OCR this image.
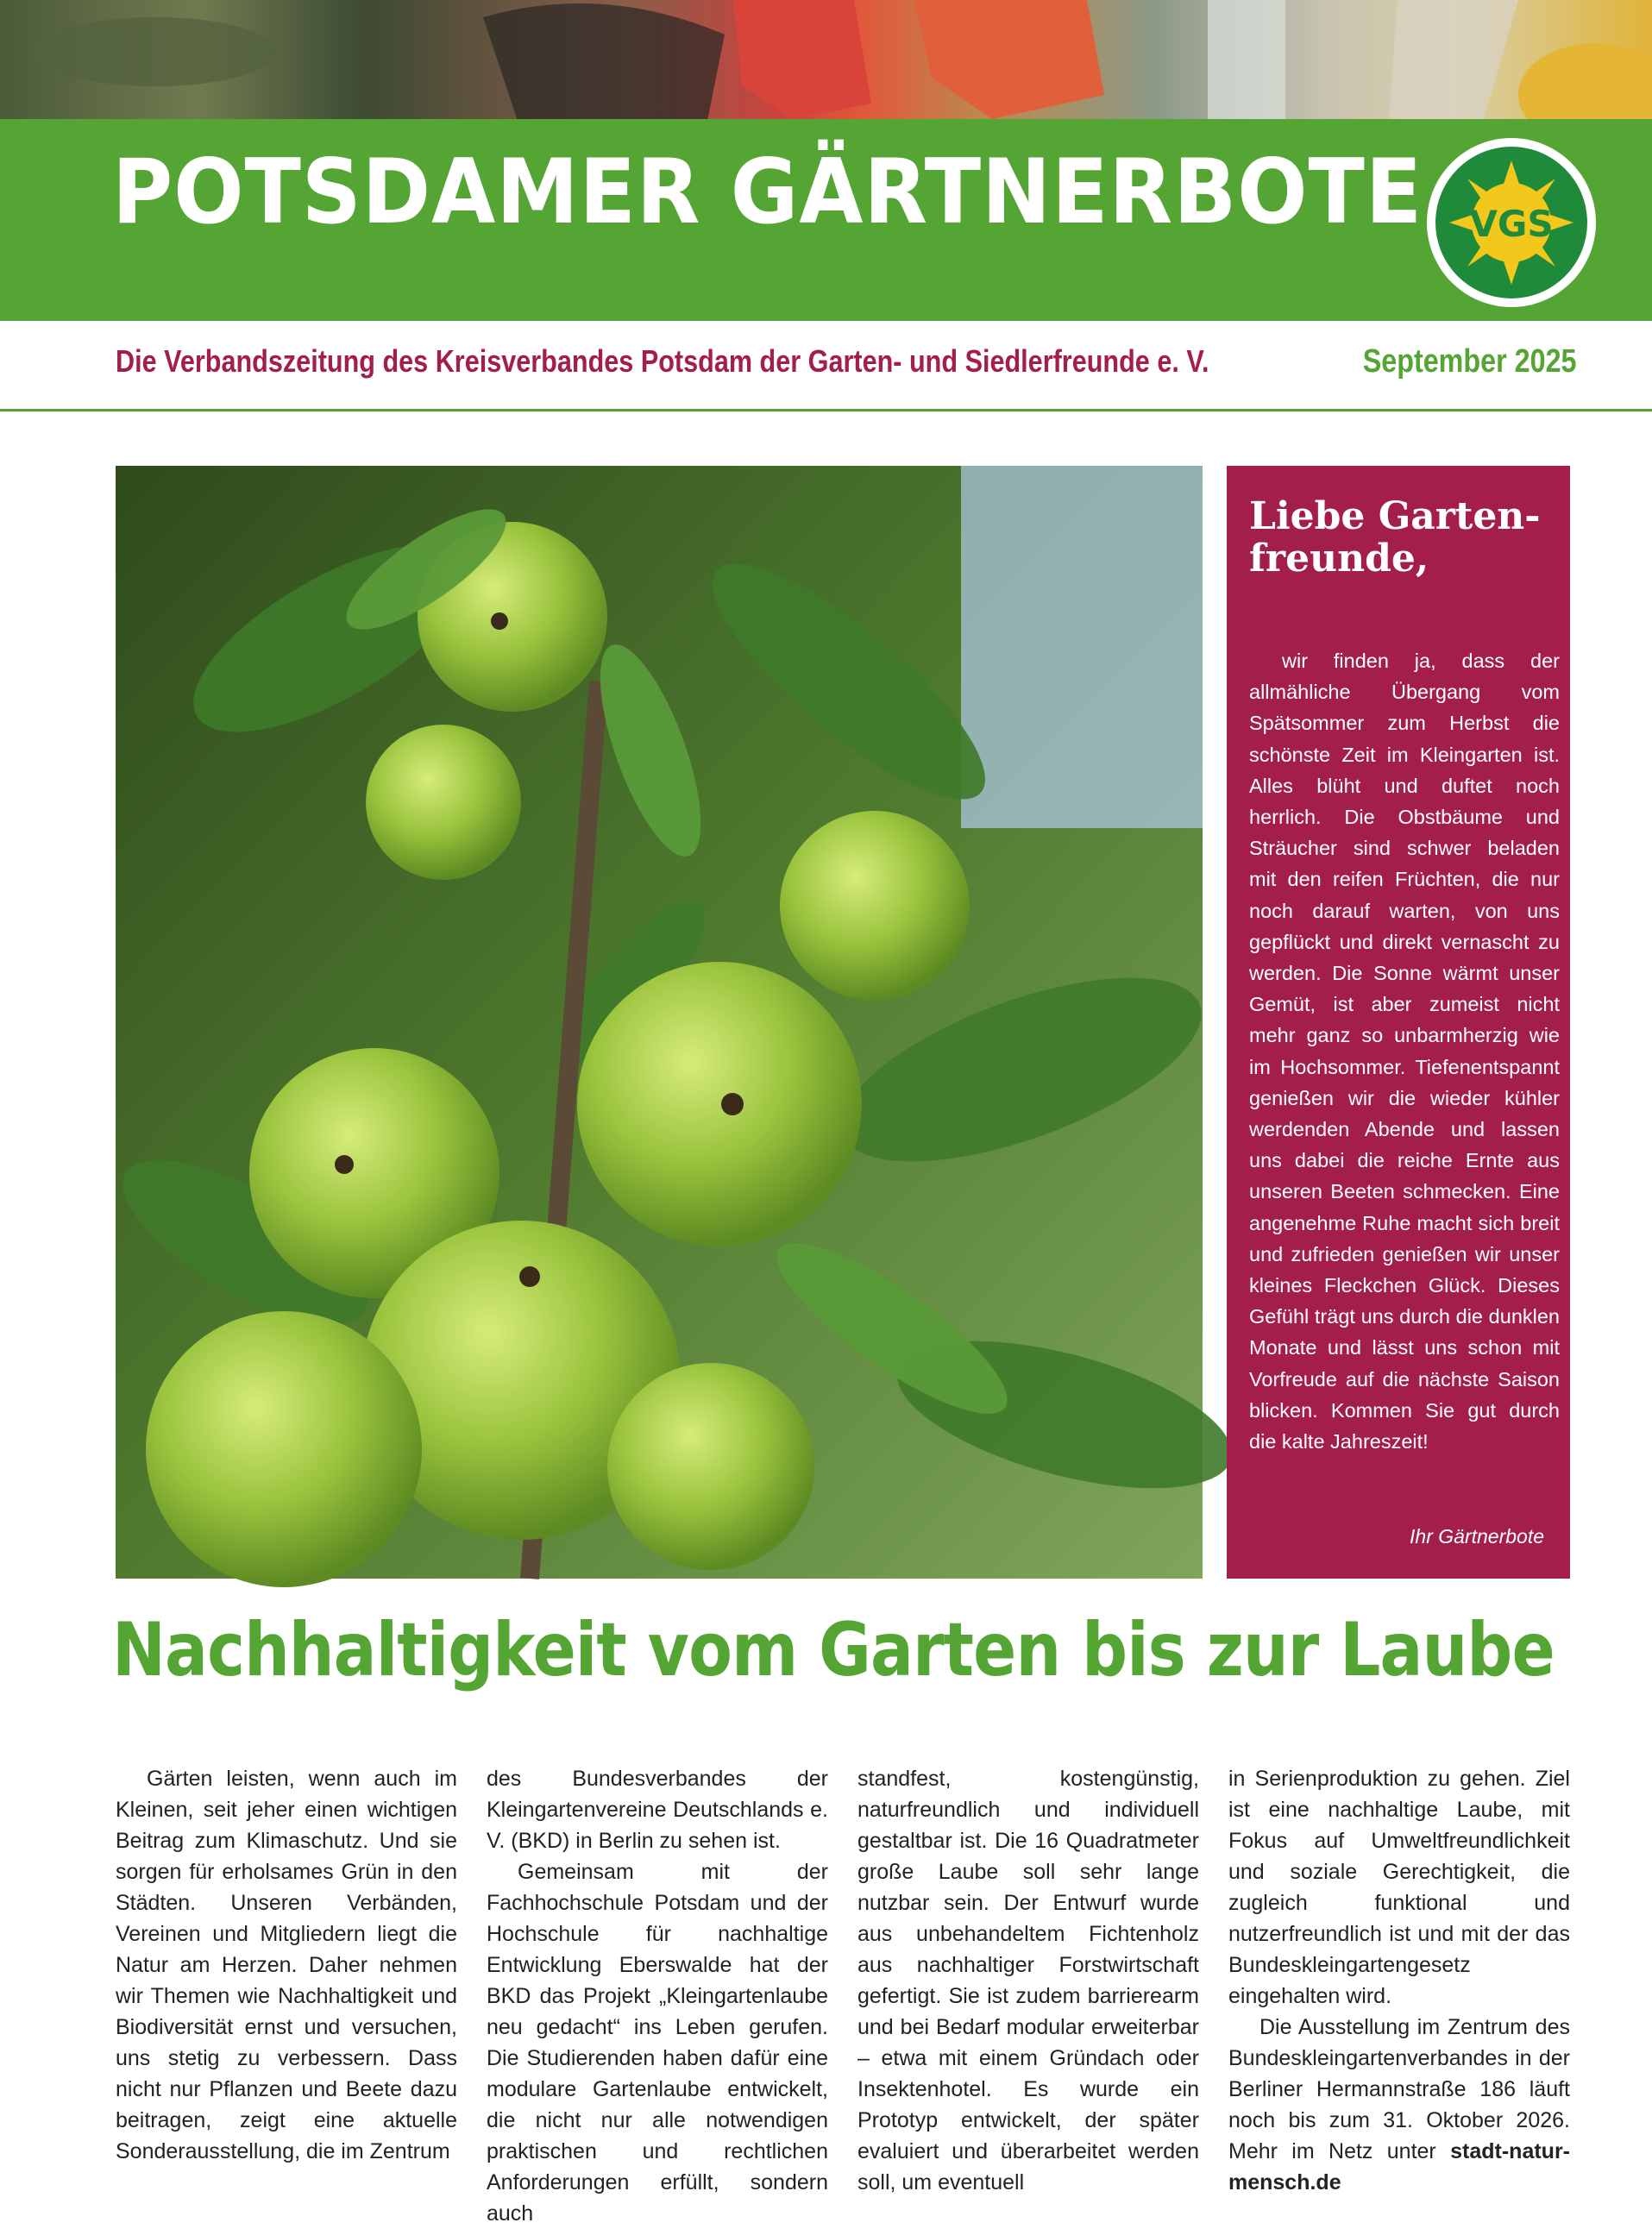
POTSDAMER GÄRTNERBOTE VGS
Die Verbandszeitung des Kreisverbandes Potsdam der Garten- und Siedlerfreunde e. V.	September 2025
Liebe Garten-
freunde,
wir finden ja, dass der allmähliche Übergang vom Spätsommer zum Herbst die schönste Zeit im Kleingarten ist. Alles blüht und duftet noch herrlich. Die Obstbäume und Sträucher sind schwer beladen mit den reifen Früchten, die nur noch darauf warten, von uns gepflückt und direkt vernascht zu werden. Die Sonne wärmt unser Gemüt, ist aber zumeist nicht mehr ganz so unbarmherzig wie im Hochsommer. Tiefenentspannt genießen wir die wieder kühler werdenden Abende und lassen uns dabei die reiche Ernte aus unseren Beeten schmecken. Eine angenehme Ruhe macht sich breit und zufrieden genießen wir unser kleines Fleckchen Glück. Dieses Gefühl trägt uns durch die dunklen Monate und lässt uns schon mit Vorfreude auf die nächste Saison blicken. Kommen Sie gut durch die kalte Jahreszeit!
Ihr Gärtnerbote
Nachhaltigkeit vom Garten bis zur Laube

Gärten leisten, wenn auch im Kleinen, seit jeher einen wichtigen Beitrag zum Klimaschutz. Und sie sorgen für erholsames Grün in den Städten. Unseren Verbänden, Vereinen und Mitgliedern liegt die Natur am Herzen. Daher nehmen wir Themen wie Nachhaltigkeit und Biodiversität ernst und versuchen, uns stetig zu verbessern. Dass nicht nur Pflanzen und Beete dazu beitragen, zeigt eine aktuelle Sonderausstellung, die im Zentrum

des Bundesverbandes der Kleingartenvereine Deutschlands e. V. (BKD) in Berlin zu sehen ist.

Gemeinsam mit der Fachhochschule Potsdam und der Hochschule für nachhaltige Entwicklung Eberswalde hat der BKD das Projekt „Kleingartenlaube neu gedacht“ ins Leben gerufen. Die Studierenden haben dafür eine modulare Gartenlaube entwickelt, die nicht nur alle notwendigen praktischen und rechtlichen Anforderungen erfüllt, sondern auch

standfest, kostengünstig, naturfreundlich und individuell gestaltbar ist. Die 16 Quadratmeter große Laube soll sehr lange nutzbar sein. Der Entwurf wurde aus unbehandeltem Fichtenholz aus nachhaltiger Forstwirtschaft gefertigt. Sie ist zudem barrierearm und bei Bedarf modular erweiterbar – etwa mit einem Gründach oder Insektenhotel. Es wurde ein Prototyp entwickelt, der später evaluiert und überarbeitet werden soll, um eventuell

in Serienproduktion zu gehen. Ziel ist eine nachhaltige Laube, mit Fokus auf Umweltfreundlichkeit und soziale Gerechtigkeit, die zugleich funktional und nutzerfreundlich ist und mit der das Bundeskleingartengesetz eingehalten wird.

Die Ausstellung im Zentrum des Bundeskleingartenverbandes in der Berliner Hermannstraße 186 läuft noch bis zum 31. Oktober 2026. Mehr im Netz unter stadt-natur-mensch.de
